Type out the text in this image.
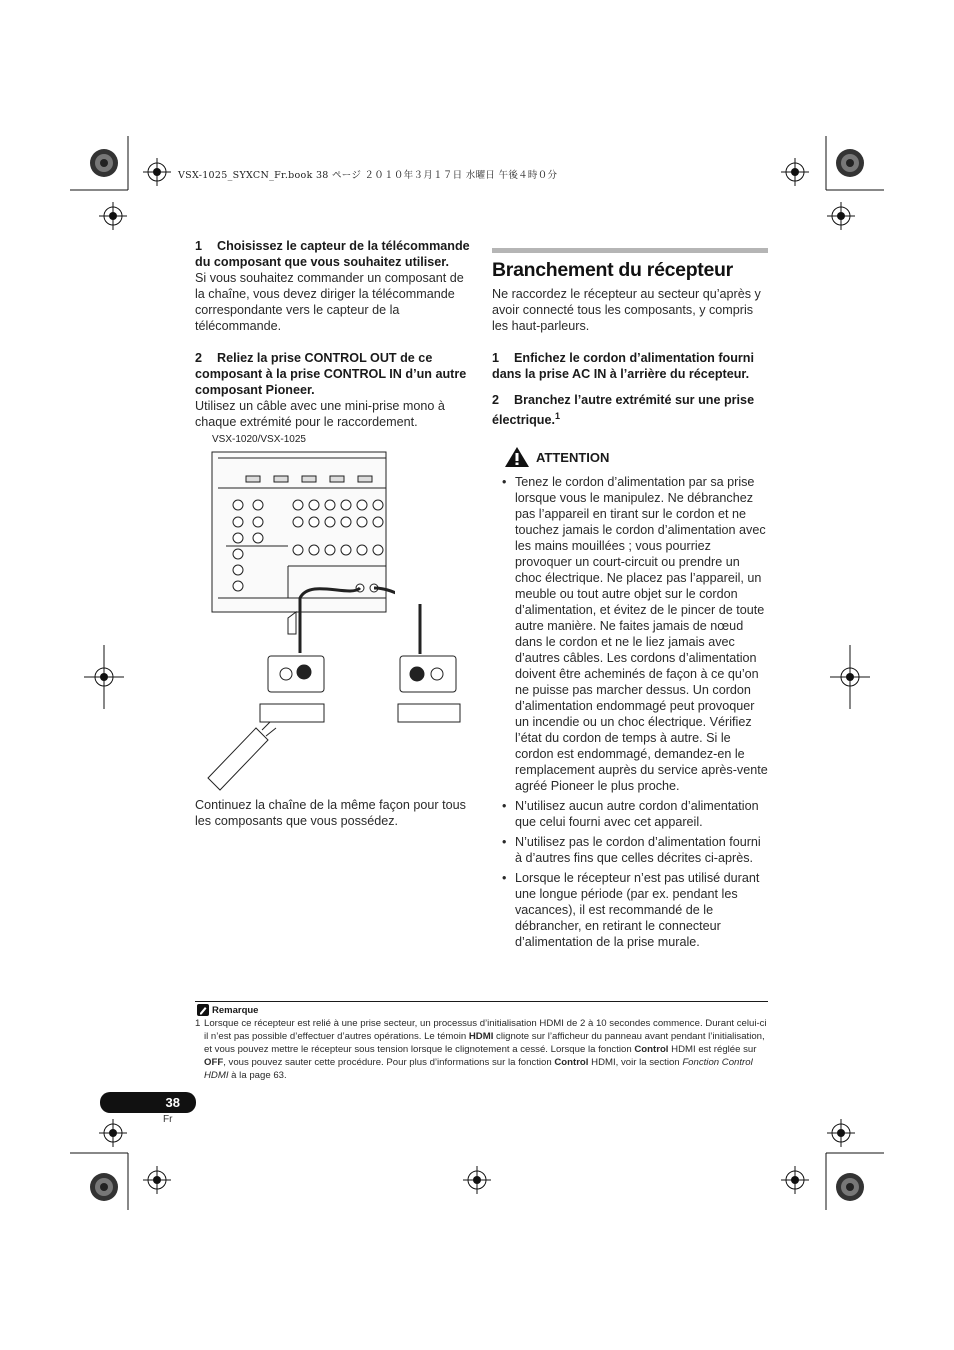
VSX-1025_SYXCN_Fr.book 38 ページ ２０１０年３月１７日 水曜日 午後４時０分

1 Choisissez le capteur de la télécommande du composant que vous souhaitez utiliser.

Si vous souhaitez commander un composant de la chaîne, vous devez diriger la télécommande correspondante vers le capteur de la télécommande.

2 Reliez la prise CONTROL OUT de ce composant à la prise CONTROL IN d’un autre composant Pioneer.

Utilisez un câble avec une mini-prise mono à chaque extrémité pour le raccordement.

VSX-1020/VSX-1025

Continuez la chaîne de la même façon pour tous les composants que vous possédez.

Branchement du récepteur

Ne raccordez le récepteur au secteur qu’après y avoir connecté tous les composants, y compris les haut-parleurs.

1 Enfichez le cordon d’alimentation fourni dans la prise AC IN à l’arrière du récepteur.

2 Branchez l’autre extrémité sur une prise électrique.$^1$

ATTENTION
• Tenez le cordon d’alimentation par sa prise lorsque vous le manipulez. Ne débranchez pas l’appareil en tirant sur le cordon et ne touchez jamais le cordon d’alimentation avec les mains mouillées ; vous pourriez provoquer un court-circuit ou prendre un choc électrique. Ne placez pas l’appareil, un meuble ou tout autre objet sur le cordon d’alimentation, et évitez de le pincer de toute autre manière. Ne faites jamais de nœud dans le cordon et ne le liez jamais avec d’autres câbles. Les cordons d’alimentation doivent être acheminés de façon à ce qu’on ne puisse pas marcher dessus. Un cordon d’alimentation endommagé peut provoquer un incendie ou un choc électrique. Vérifiez l’état du cordon de temps à autre. Si le cordon est endommagé, demandez-en le remplacement auprès du service après-vente agréé Pioneer le plus proche.
• N’utilisez aucun autre cordon d’alimentation que celui fourni avec cet appareil.
• N’utilisez pas le cordon d’alimentation fourni à d’autres fins que celles décrites ci-après.
• Lorsque le récepteur n’est pas utilisé durant une longue période (par ex. pendant les vacances), il est recommandé de le débrancher, en retirant le connecteur d’alimentation de la prise murale.
Remarque
1 Lorsque ce récepteur est relié à une prise secteur, un processus d’initialisation HDMI de 2 à 10 secondes commence. Durant celui-ci il n’est pas possible d’effectuer d’autres opérations. Le témoin HDMI clignote sur l’afficheur du panneau avant pendant l’initialisation, et vous pouvez mettre le récepteur sous tension lorsque le clignotement a cessé. Lorsque la fonction Control HDMI est réglée sur OFF, vous pouvez sauter cette procédure. Pour plus d’informations sur la fonction Control HDMI, voir la section Fonction Control HDMI à la page 63.
38
Fr
